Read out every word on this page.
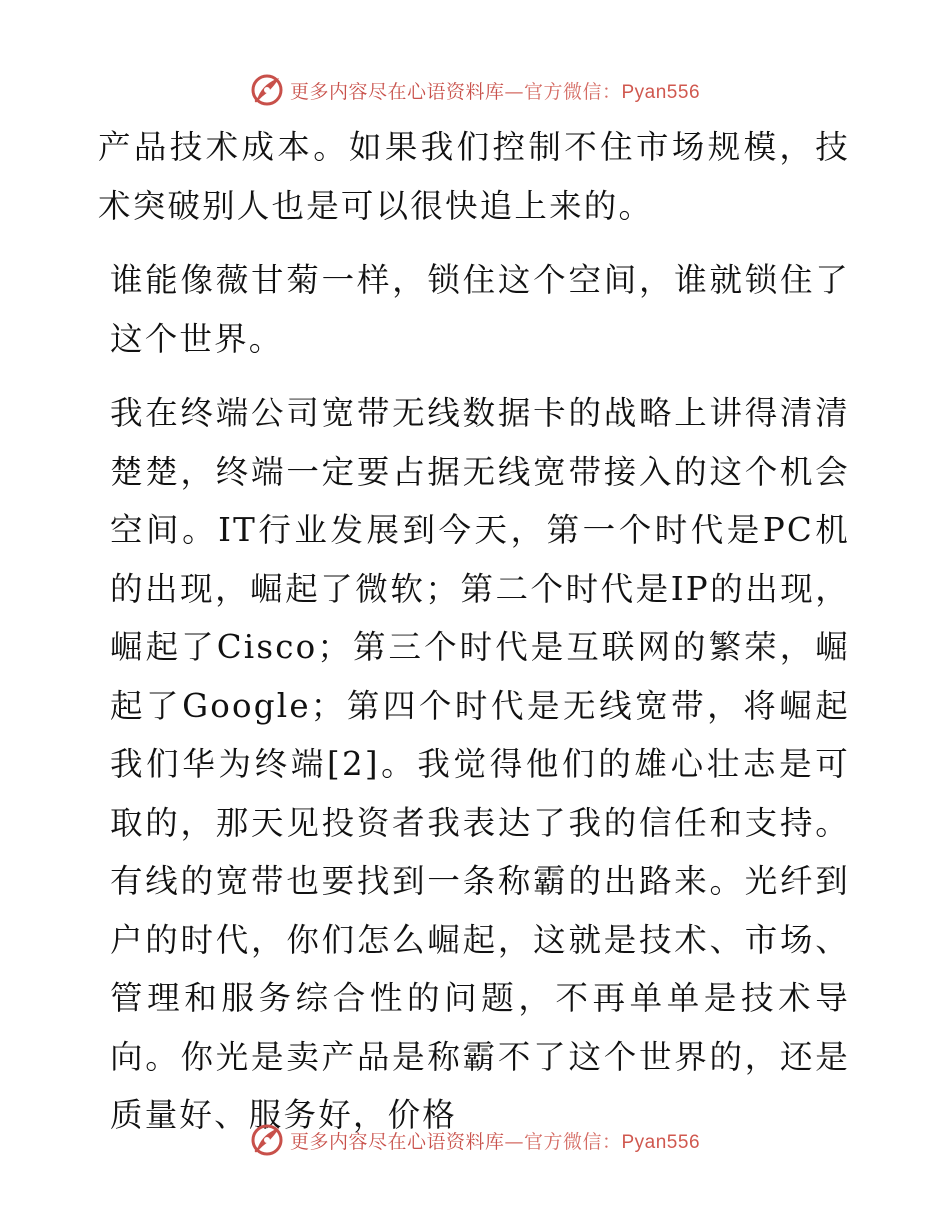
更多内容尽在心语资料库—官方微信：Pyan556

产品技术成本。如果我们控制不住市场规模，技术突破别人也是可以很快追上来的。

谁能像薇甘菊一样，锁住这个空间，谁就锁住了这个世界。

我在终端公司宽带无线数据卡的战略上讲得清清楚楚，终端一定要占据无线宽带接入的这个机会空间。IT行业发展到今天，第一个时代是PC机的出现，崛起了微软；第二个时代是IP的出现，崛起了Cisco；第三个时代是互联网的繁荣，崛起了Google；第四个时代是无线宽带，将崛起我们华为终端[2]。我觉得他们的雄心壮志是可取的，那天见投资者我表达了我的信任和支持。有线的宽带也要找到一条称霸的出路来。光纤到户的时代，你们怎么崛起，这就是技术、市场、管理和服务综合性的问题，不再单单是技术导向。你光是卖产品是称霸不了这个世界的，还是质量好、服务好，价格

更多内容尽在心语资料库—官方微信：Pyan556
